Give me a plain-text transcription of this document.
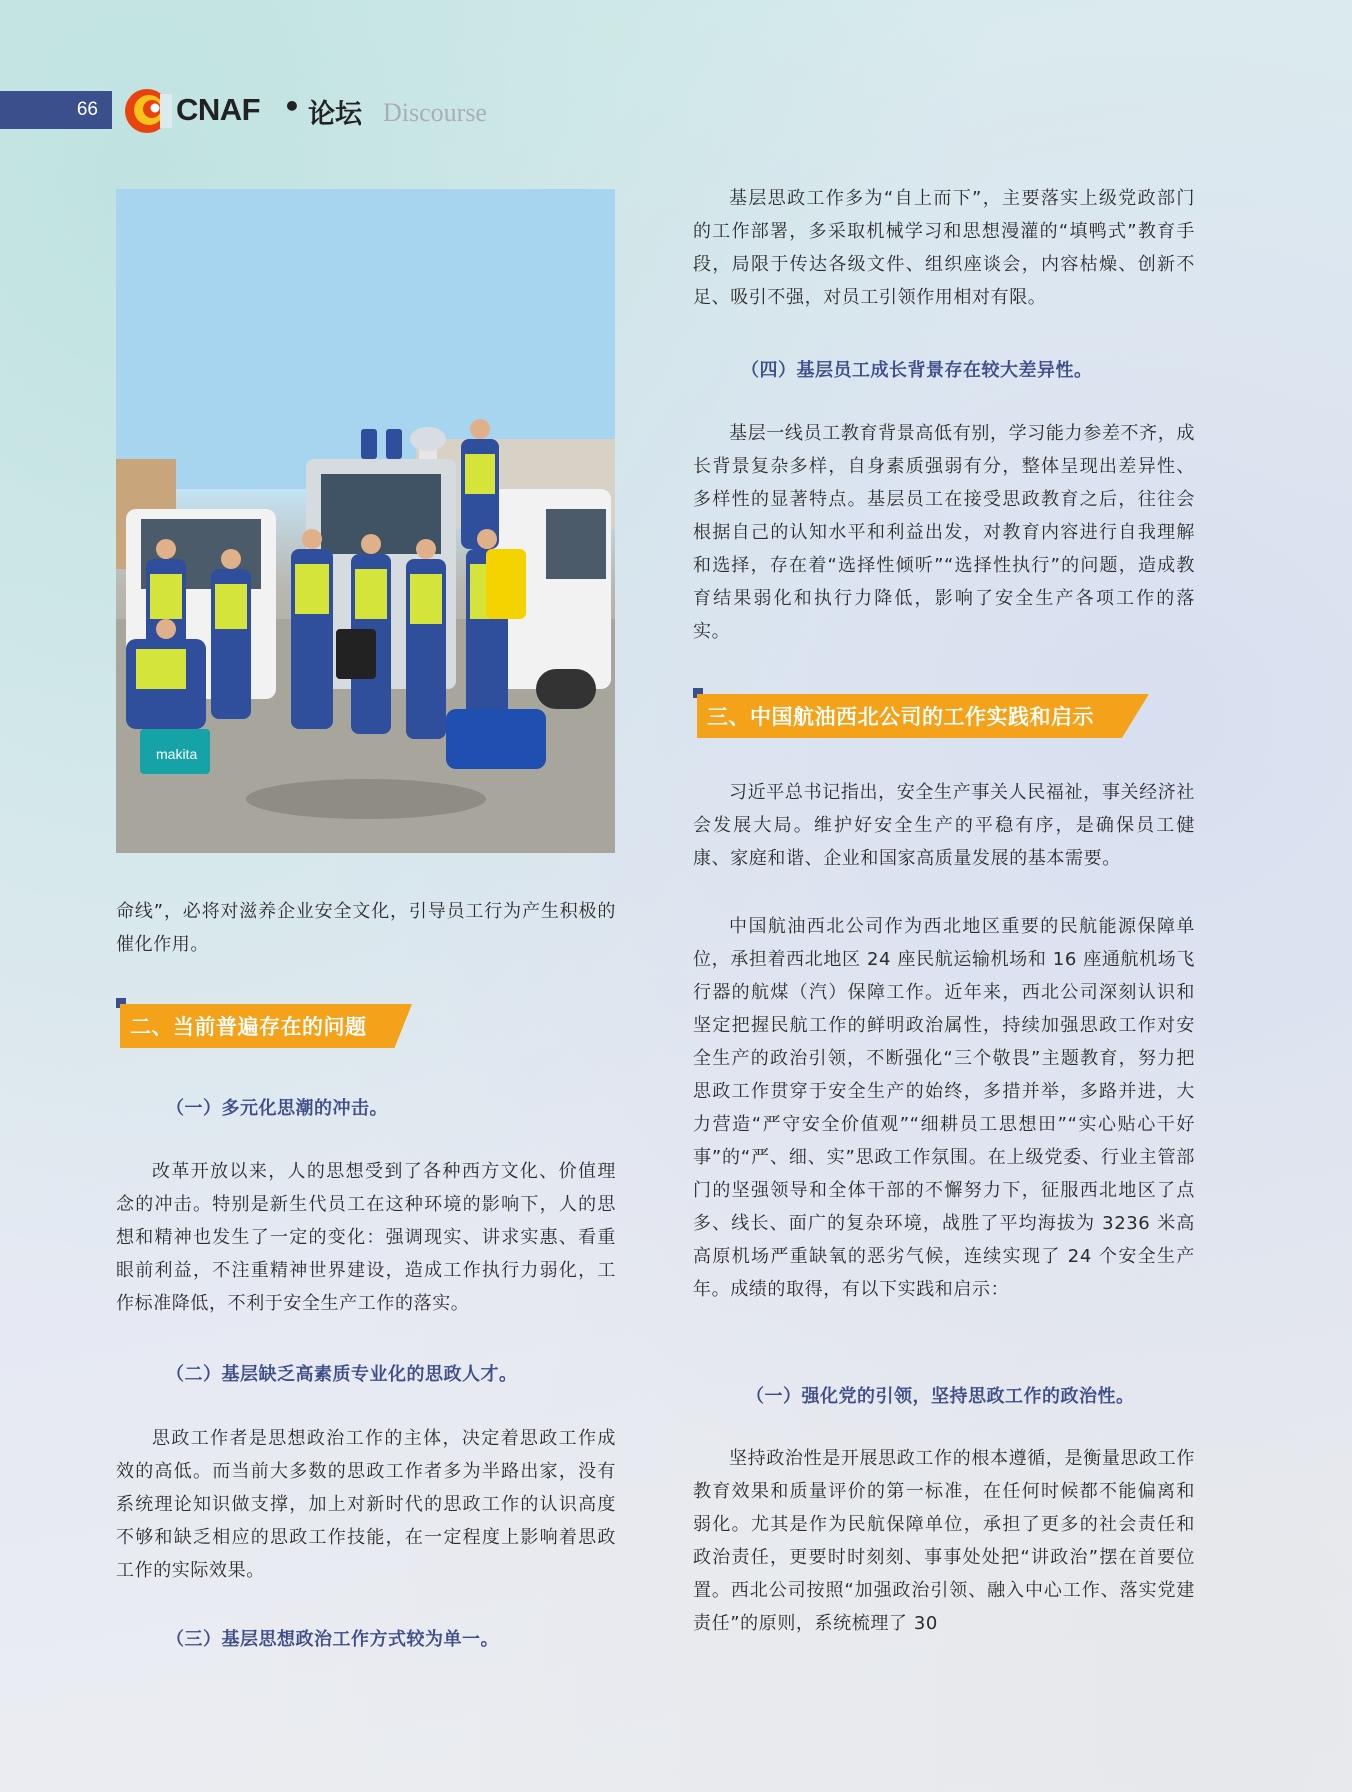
66	CNAF • 论坛 Discourse
makita

命线”，必将对滋养企业安全文化，引导员工行为产生积极的催化作用。

二、当前普遍存在的问题

（一）多元化思潮的冲击。

改革开放以来，人的思想受到了各种西方文化、价值理念的冲击。特别是新生代员工在这种环境的影响下，人的思想和精神也发生了一定的变化：强调现实、讲求实惠、看重眼前利益，不注重精神世界建设，造成工作执行力弱化，工作标准降低，不利于安全生产工作的落实。

（二）基层缺乏高素质专业化的思政人才。

思政工作者是思想政治工作的主体，决定着思政工作成效的高低。而当前大多数的思政工作者多为半路出家，没有系统理论知识做支撑，加上对新时代的思政工作的认识高度不够和缺乏相应的思政工作技能，在一定程度上影响着思政工作的实际效果。

（三）基层思想政治工作方式较为单一。

基层思政工作多为“自上而下”，主要落实上级党政部门的工作部署，多采取机械学习和思想漫灌的“填鸭式”教育手段，局限于传达各级文件、组织座谈会，内容枯燥、创新不足、吸引不强，对员工引领作用相对有限。

（四）基层员工成长背景存在较大差异性。

基层一线员工教育背景高低有别，学习能力参差不齐，成长背景复杂多样，自身素质强弱有分，整体呈现出差异性、多样性的显著特点。基层员工在接受思政教育之后，往往会根据自己的认知水平和利益出发，对教育内容进行自我理解和选择，存在着“选择性倾听”“选择性执行”的问题，造成教育结果弱化和执行力降低，影响了安全生产各项工作的落实。

三、中国航油西北公司的工作实践和启示

习近平总书记指出，安全生产事关人民福祉，事关经济社会发展大局。维护好安全生产的平稳有序，是确保员工健康、家庭和谐、企业和国家高质量发展的基本需要。

中国航油西北公司作为西北地区重要的民航能源保障单位，承担着西北地区 24 座民航运输机场和 16 座通航机场飞行器的航煤（汽）保障工作。近年来，西北公司深刻认识和坚定把握民航工作的鲜明政治属性，持续加强思政工作对安全生产的政治引领，不断强化“三个敬畏”主题教育，努力把思政工作贯穿于安全生产的始终，多措并举，多路并进，大力营造“严守安全价值观”“细耕员工思想田”“实心贴心干好事”的“严、细、实”思政工作氛围。在上级党委、行业主管部门的坚强领导和全体干部的不懈努力下，征服西北地区了点多、线长、面广的复杂环境，战胜了平均海拔为 3236 米高高原机场严重缺氧的恶劣气候，连续实现了 24 个安全生产年。成绩的取得，有以下实践和启示：

（一）强化党的引领，坚持思政工作的政治性。

坚持政治性是开展思政工作的根本遵循，是衡量思政工作教育效果和质量评价的第一标准，在任何时候都不能偏离和弱化。尤其是作为民航保障单位，承担了更多的社会责任和政治责任，更要时时刻刻、事事处处把“讲政治”摆在首要位置。西北公司按照“加强政治引领、融入中心工作、落实党建责任”的原则，系统梳理了 30
